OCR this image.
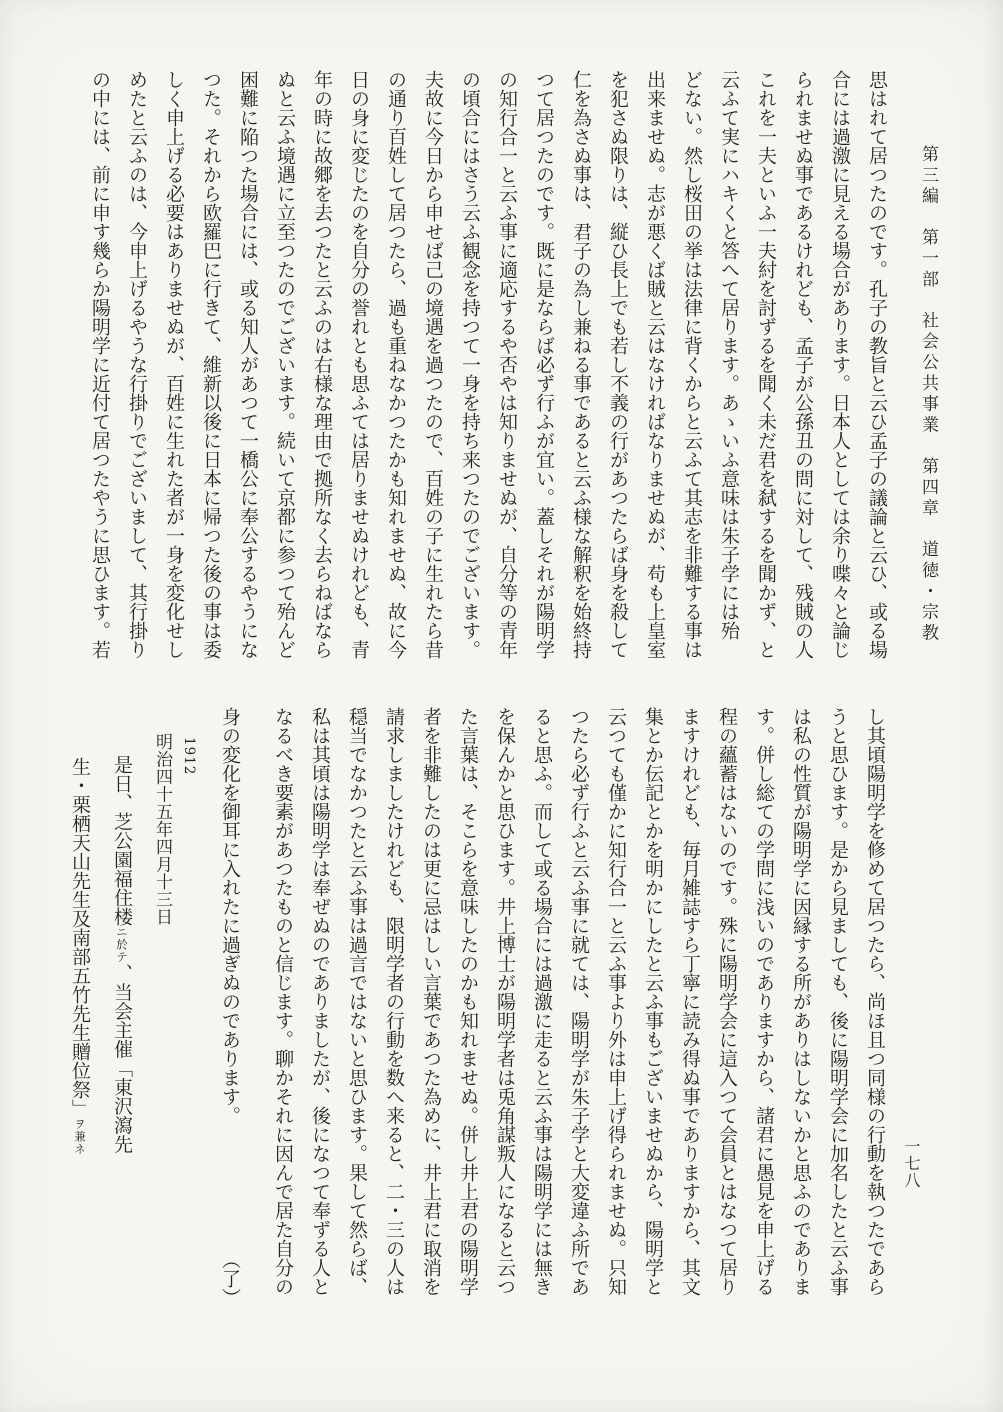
第三編　第一部　社会公共事業　第四章　道徳・宗教
一七八
思はれて居つたのです。孔子の教旨と云ひ孟子の議論と云ひ、或る場
合には過激に見える場合があります。日本人としては余り喋々と論じ
られませぬ事であるけれども、孟子が公孫丑の問に対して、残賊の人
これを一夫といふ一夫紂を討ずるを聞く未だ君を弑するを聞かず、と
云ふて実にハキくと答へて居ります。あゝいふ意味は朱子学には殆
どない。然し桜田の挙は法律に背くからと云ふて其志を非難する事は
出来ませぬ。志が悪くば賊と云はなければなりませぬが、苟も上皇室
を犯さぬ限りは、縦ひ長上でも若し不義の行があつたらば身を殺して
仁を為さぬ事は、君子の為し兼ねる事であると云ふ様な解釈を始終持
つて居つたのです。既に是ならば必ず行ふが宜い。蓋しそれが陽明学
の知行合一と云ふ事に適応するや否やは知りませぬが、自分等の青年
の頃合にはさう云ふ観念を持つて一身を持ち来つたのでございます。
夫故に今日から申せば己の境遇を過つたので、百姓の子に生れたら昔
の通り百姓して居つたら、過も重ねなかつたかも知れませぬ、故に今
日の身に変じたのを自分の誉れとも思ふては居りませぬけれども、青
年の時に故郷を去つたと云ふのは右様な理由で拠所なく去らねばなら
ぬと云ふ境遇に立至つたのでございます。続いて京都に参つて殆んど
困難に陥つた場合には、或る知人があつて一橋公に奉公するやうにな
つた。それから欧羅巴に行きて、維新以後に日本に帰つた後の事は委
しく申上げる必要はありませぬが、百姓に生れた者が一身を変化せし
めたと云ふのは、今申上げるやうな行掛りでございまして、其行掛り
の中には、前に申す幾らか陽明学に近付て居つたやうに思ひます。若
し其頃陽明学を修めて居つたら、尚ほ且つ同様の行動を執つたであら
うと思ひます。是から見ましても、後に陽明学会に加名したと云ふ事
は私の性質が陽明学に因縁する所がありはしないかと思ふのでありま
す。併し総ての学問に浅いのでありますから、諸君に愚見を申上げる
程の蘊蓄はないのです。殊に陽明学会に這入つて会員とはなつて居り
ますけれども、毎月雑誌すら丁寧に読み得ぬ事でありますから、其文
集とか伝記とかを明かにしたと云ふ事もございませぬから、陽明学と
云つても僅かに知行合一と云ふ事より外は申上げ得られませぬ。只知
つたら必ず行ふと云ふ事に就ては、陽明学が朱子学と大変違ふ所であ
ると思ふ。而して或る場合には過激に走ると云ふ事は陽明学には無き
を保んかと思ひます。井上博士が陽明学者は兎角謀叛人になると云つ
た言葉は、そこらを意味したのかも知れませぬ。併し井上君の陽明学
者を非難したのは更に忌はしい言葉であつた為めに、井上君に取消を
請求しましたけれども、限明学者の行動を数へ来ると、二・三の人は
穏当でなかつたと云ふ事は過言ではないと思ひます。果して然らば、
私は其頃は陽明学は奉ぜぬのでありましたが、後になつて奉ずる人と
なるべき要素があつたものと信じます。聊かそれに因んで居た自分の
身の変化を御耳に入れたに過ぎぬのであります。
（了）
1912
明治四十五年四月十三日
是日、芝公園福住楼ニ於テ、当会主催「東沢瀉先
生・栗栖天山先生及南部五竹先生贈位祭」ヲ兼ネ
